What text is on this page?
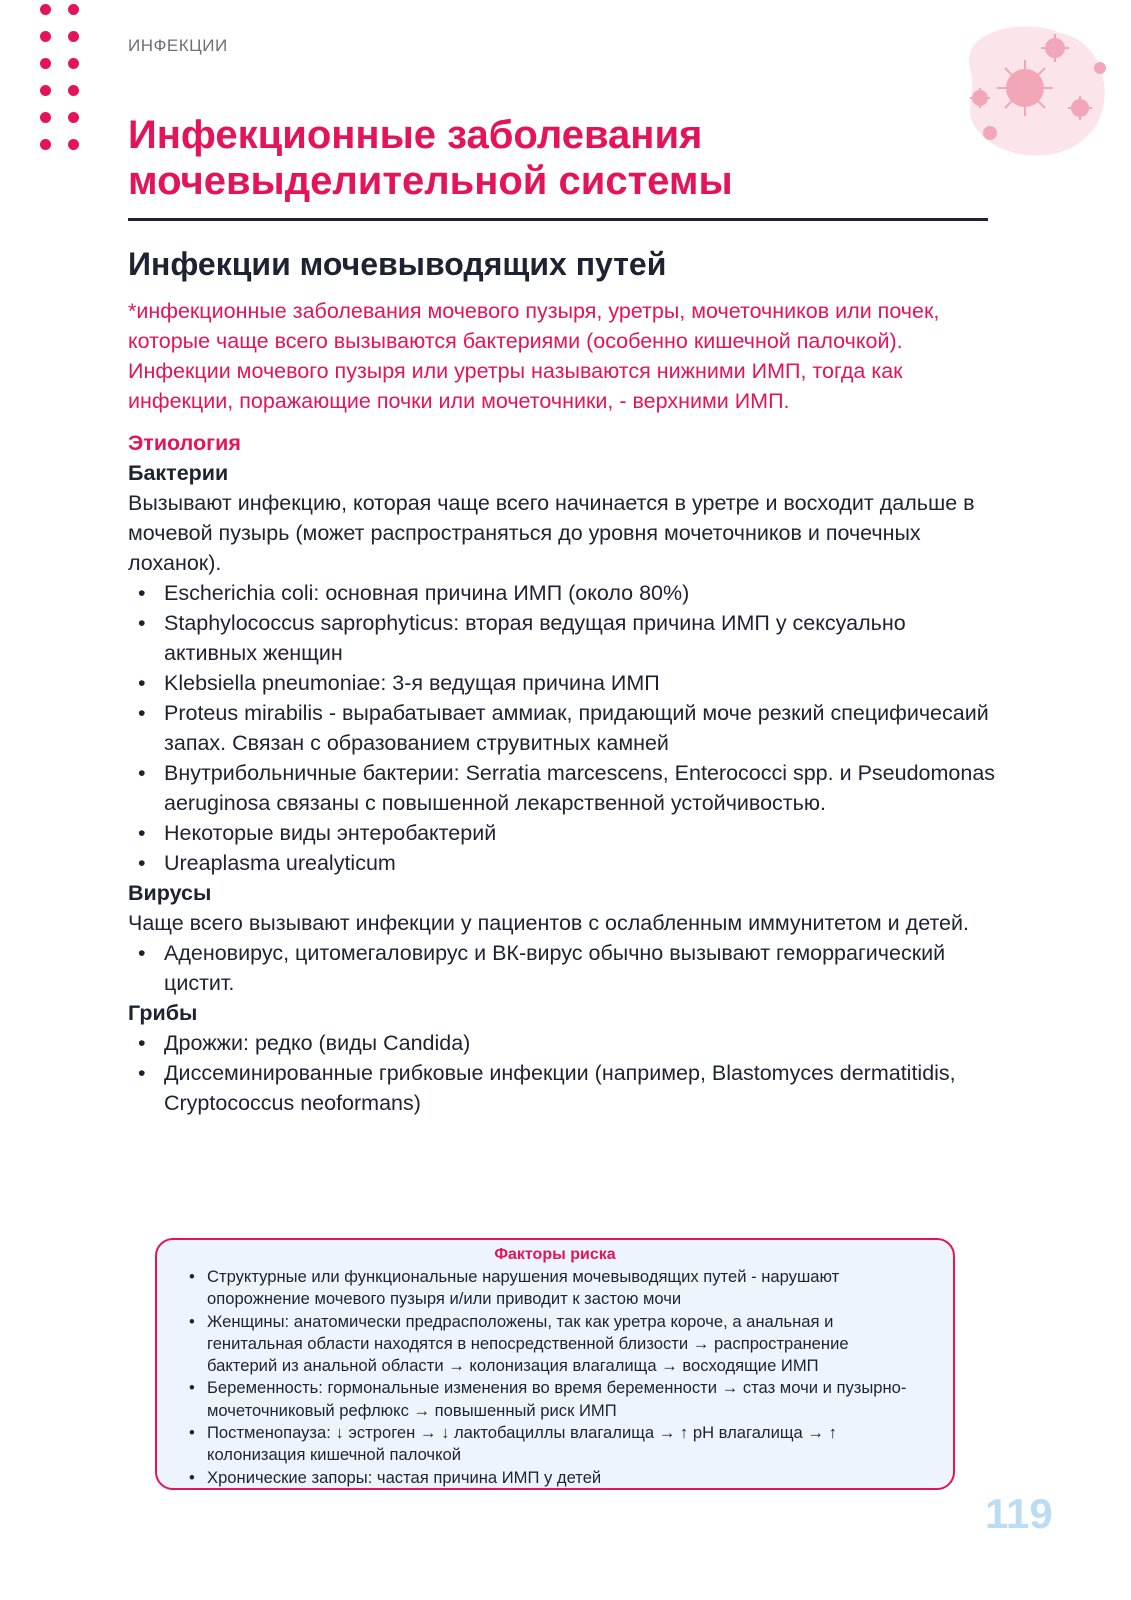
ИНФЕКЦИИ
Инфекционные заболевания
мочевыделительной системы
Инфекции мочевыводящих путей

*инфекционные заболевания мочевого пузыря, уретры, мочеточников или почек, которые чаще всего вызываются бактериями (особенно кишечной палочкой). Инфекции мочевого пузыря или уретры называются нижними ИМП, тогда как инфекции, поражающие почки или мочеточники, - верхними ИМП.

Этиология

Бактерии

Вызывают инфекцию, которая чаще всего начинается в уретре и восходит дальше в мочевой пузырь (может распространяться до уровня мочеточников и почечных лоханок).

• Escherichia coli: основная причина ИМП (около 80%)
• Staphylococcus saprophyticus: вторая ведущая причина ИМП у сексуально активных женщин
• Klebsiella pneumoniae: 3-я ведущая причина ИМП
• Proteus mirabilis - вырабатывает аммиак, придающий моче резкий специфичесаий запах. Связан с образованием струвитных камней
• Внутрибольничные бактерии: Serratia marcescens, Enterococci spp. и Pseudomonas aeruginosa связаны с повышенной лекарственной устойчивостью.
• Некоторые виды энтеробактерий
• Ureaplasma urealyticum

Вирусы

Чаще всего вызывают инфекции у пациентов с ослабленным иммунитетом и детей.

• Аденовирус, цитомегаловирус и ВК-вирус обычно вызывают геморрагический цистит.

Грибы

• Дрожжи: редко (виды Candida)
• Диссеминированные грибковые инфекции (например, Blastomyces dermatitidis, Cryptococcus neoformans)

Факторы риска

• Структурные или функциональные нарушения мочевыводящих путей - нарушают опорожнение мочевого пузыря и/или приводит к застою мочи
• Женщины: анатомически предрасположены, так как уретра короче, а анальная и генитальная области находятся в непосредственной близости → распространение бактерий из анальной области → колонизация влагалища → восходящие ИМП
• Беременность: гормональные изменения во время беременности → стаз мочи и пузырно-мочеточниковый рефлюкс → повышенный риск ИМП
• Постменопауза: ↓ эстроген → ↓ лактобациллы влагалища → ↑ pH влагалища → ↑ колонизация кишечной палочкой
• Хронические запоры: частая причина ИМП у детей
119
